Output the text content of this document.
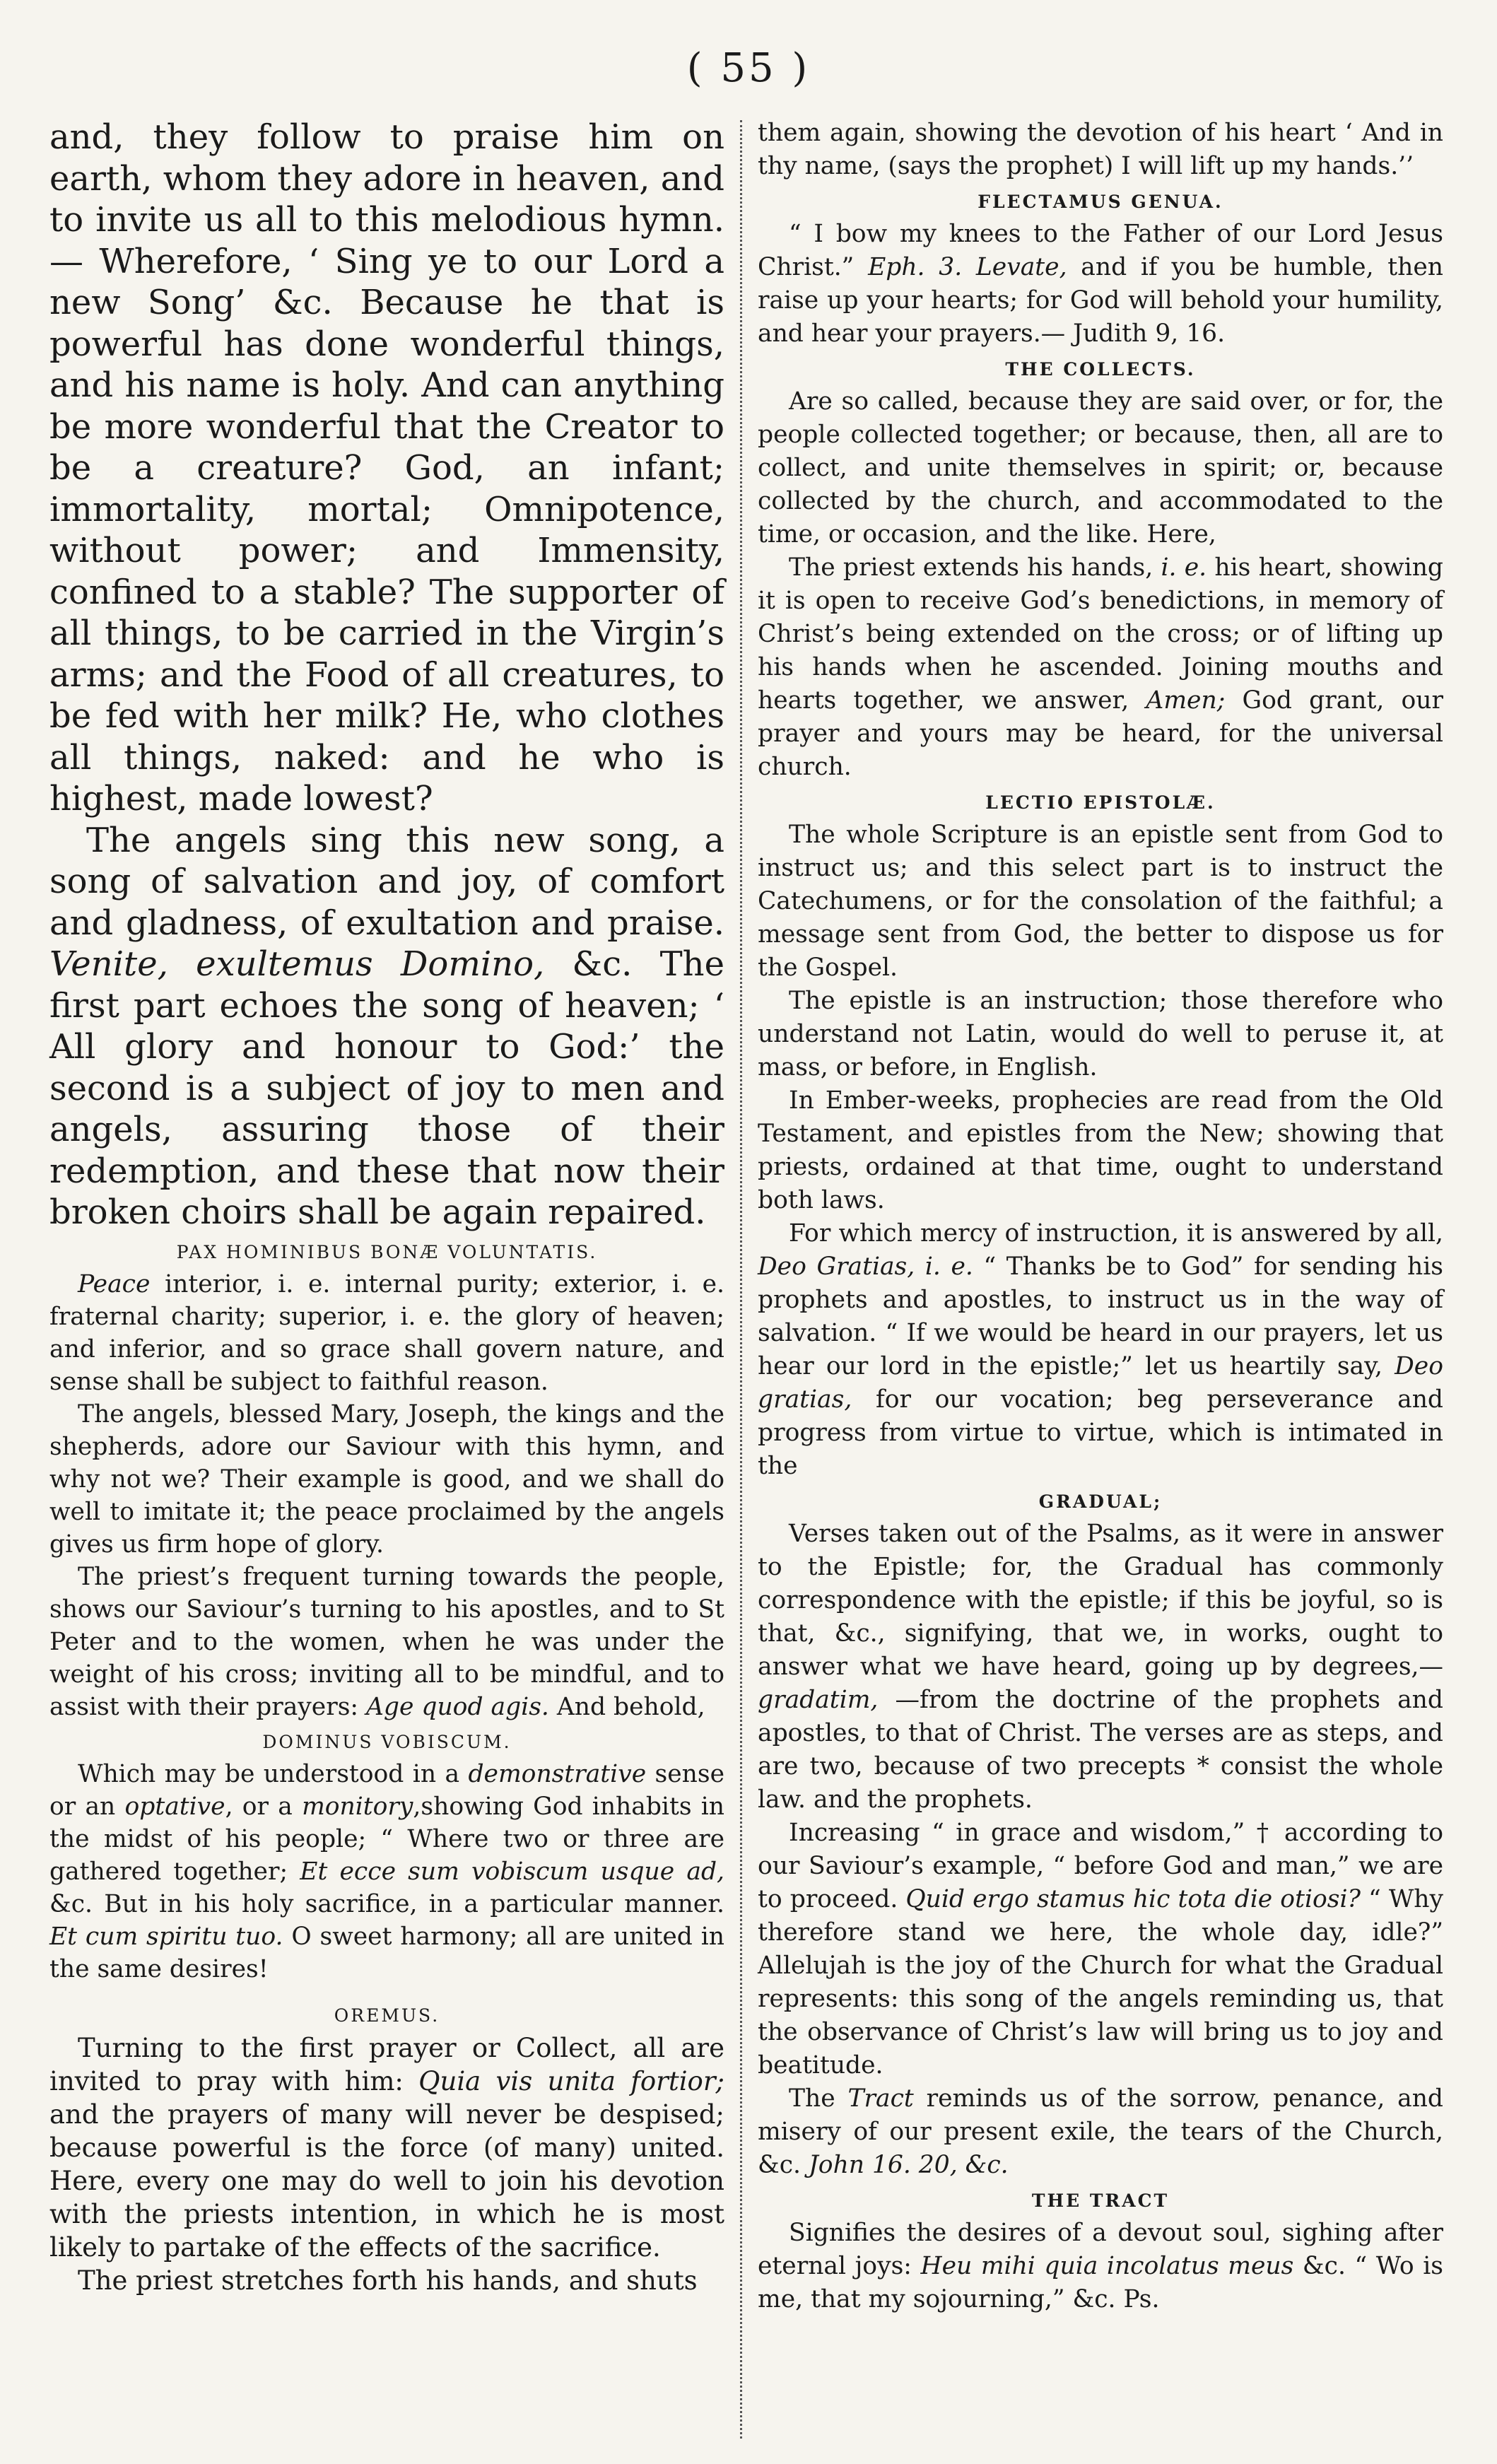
( 55 )

and, they follow to praise him on earth, whom they adore in heaven, and to invite us all to this melodious hymn.— Wherefore, ‘ Sing ye to our Lord a new Song’ &c. Because he that is powerful has done wonderful things, and his name is holy. And can anything be more wonderful that the Creator to be a creature? God, an infant; immortality, mortal; Omnipotence, without power; and Immensity, confined to a stable? The supporter of all things, to be carried in the Virgin’s arms; and the Food of all creatures, to be fed with her milk? He, who clothes all things, naked: and he who is highest, made lowest?

The angels sing this new song, a song of salvation and joy, of comfort and gladness, of exultation and praise. Venite, exultemus Domino, &c. The first part echoes the song of heaven; ‘ All glory and honour to God:’ the second is a subject of joy to men and angels, assuring those of their redemption, and these that now their broken choirs shall be again repaired.

PAX HOMINIBUS BONÆ VOLUNTATIS.

Peace interior, i. e. internal purity; exterior, i. e. fraternal charity; superior, i. e. the glory of heaven; and inferior, and so grace shall govern nature, and sense shall be subject to faithful reason.

The angels, blessed Mary, Joseph, the kings and the shepherds, adore our Saviour with this hymn, and why not we? Their example is good, and we shall do well to imitate it; the peace proclaimed by the angels gives us firm hope of glory.

The priest’s frequent turning towards the people, shows our Saviour’s turning to his apostles, and to St Peter and to the women, when he was under the weight of his cross; inviting all to be mindful, and to assist with their prayers: Age quod agis. And behold,

DOMINUS VOBISCUM.

Which may be understood in a demonstrative sense or an optative, or a monitory,showing God inhabits in the midst of his people; “ Where two or three are gathered together; Et ecce sum vobiscum usque ad, &c. But in his holy sacrifice, in a particular manner. Et cum spiritu tuo. O sweet harmony; all are united in the same desires!

OREMUS.

Turning to the first prayer or Collect, all are invited to pray with him: Quia vis unita fortior; and the prayers of many will never be despised; because powerful is the force (of many) united. Here, every one may do well to join his devotion with the priests intention, in which he is most likely to partake of the effects of the sacrifice.

The priest stretches forth his hands, and shuts

them again, showing the devotion of his heart ‘ And in thy name, (says the prophet) I will lift up my hands.’’

FLECTAMUS GENUA.

“ I bow my knees to the Father of our Lord Jesus Christ.” Eph. 3. Levate, and if you be humble, then raise up your hearts; for God will behold your humility, and hear your prayers.— Judith 9, 16.

THE COLLECTS.

Are so called, because they are said over, or for, the people collected together; or because, then, all are to collect, and unite themselves in spirit; or, because collected by the church, and accommodated to the time, or occasion, and the like. Here,

The priest extends his hands, i. e. his heart, showing it is open to receive God’s benedictions, in memory of Christ’s being extended on the cross; or of lifting up his hands when he ascended. Joining mouths and hearts together, we answer, Amen; God grant, our prayer and yours may be heard, for the universal church.

LECTIO EPISTOLÆ.

The whole Scripture is an epistle sent from God to instruct us; and this select part is to instruct the Catechumens, or for the consolation of the faithful; a message sent from God, the better to dispose us for the Gospel.

The epistle is an instruction; those therefore who understand not Latin, would do well to peruse it, at mass, or before, in English.

In Ember-weeks, prophecies are read from the Old Testament, and epistles from the New; showing that priests, ordained at that time, ought to understand both laws.

For which mercy of instruction, it is answered by all, Deo Gratias, i. e. “ Thanks be to God” for sending his prophets and apostles, to instruct us in the way of salvation. “ If we would be heard in our prayers, let us hear our lord in the epistle;” let us heartily say, Deo gratias, for our vocation; beg perseverance and progress from virtue to virtue, which is intimated in the

GRADUAL;

Verses taken out of the Psalms, as it were in answer to the Epistle; for, the Gradual has commonly correspondence with the epistle; if this be joyful, so is that, &c., signifying, that we, in works, ought to answer what we have heard, going up by degrees,—gradatim, —from the doctrine of the prophets and apostles, to that of Christ. The verses are as steps, and are two, because of two precepts * consist the whole law. and the prophets.

Increasing “ in grace and wisdom,” † according to our Saviour’s example, “ before God and man,” we are to proceed. Quid ergo stamus hic tota die otiosi? “ Why therefore stand we here, the whole day, idle?” Allelujah is the joy of the Church for what the Gradual represents: this song of the angels reminding us, that the observance of Christ’s law will bring us to joy and beatitude.

The Tract reminds us of the sorrow, penance, and misery of our present exile, the tears of the Church, &c. John 16. 20, &c.

THE TRACT

Signifies the desires of a devout soul, sighing after eternal joys: Heu mihi quia incolatus meus &c. “ Wo is me, that my sojourning,” &c. Ps.
